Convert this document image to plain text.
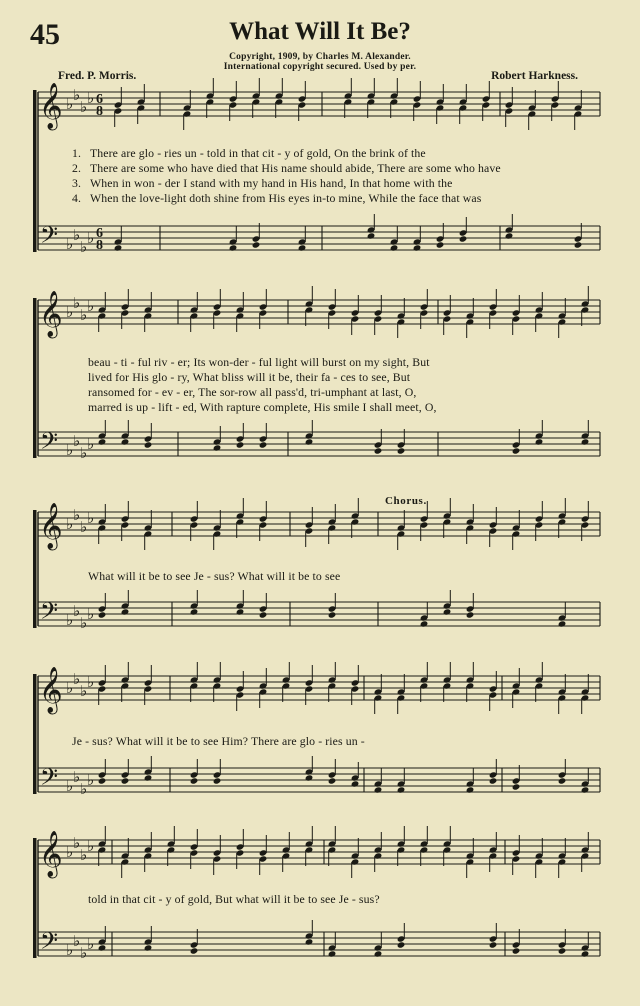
45	What Will It Be?
Copyright, 1909, by Charles M. Alexander.
International copyright secured. Used by per.
Fred. P. Morris.	Robert Harkness.
𝄞 ♭ ♭
♭ ♭
𝄢 ♭ ♭
♭ ♭
6
8
6
8
𝄞 ♭ ♭
♭ ♭
𝄢 ♭ ♭
♭ ♭
𝄞 ♭ ♭
♭ ♭
𝄢 ♭ ♭
♭ ♭
𝄞 ♭ ♭
♭ ♭
𝄢 ♭ ♭
♭ ♭
𝄞 ♭ ♭
♭ ♭
𝄢 ♭ ♭
♭ ♭
1. There are glo - ries un - told in that cit - y of gold, On the brink of the
2. There are some who have died that His name should abide, There are some who have
3. When in won - der I stand with my hand in His hand, In that home with the
4. When the love-light doth shine from His eyes in-to mine, While the face that was
beau - ti - ful riv - er; Its won-der - ful light will burst on my sight, But
lived for His glo - ry, What bliss will it be, their fa - ces to see, But
ransomed for - ev - er, The sor-row all pass'd, tri-umphant at last, O,
marred is up - lift - ed, With rapture complete, His smile I shall meet, O,
Chorus.
What will it be to see Je - sus? What will it be to see
Je - sus? What will it be to see Him? There are glo - ries un -
told in that cit - y of gold, But what will it be to see Je - sus?
